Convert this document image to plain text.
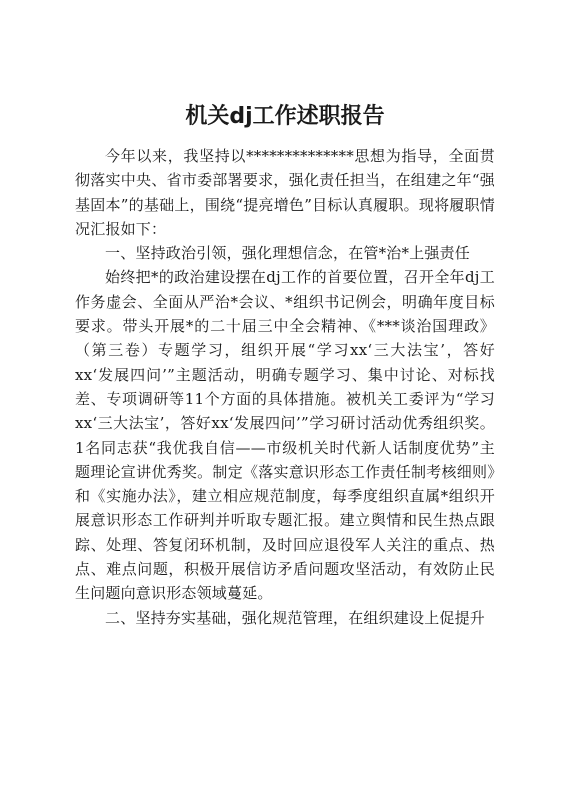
机关dj工作述职报告

今年以来，我坚持以**************思想为指导，全面贯彻落实中央、省市委部署要求，强化责任担当，在组建之年“强基固本”的基础上，围绕“提亮增色”目标认真履职。现将履职情况汇报如下：

一、坚持政治引领，强化理想信念，在管*治*上强责任

始终把*的政治建设摆在dj工作的首要位置，召开全年dj工作务虚会、全面从严治*会议、*组织书记例会，明确年度目标要求。带头开展*的二十届三中全会精神、《***谈治国理政》（第三卷）专题学习，组织开展“学习xx‘三大法宝’，答好xx‘发展四问’”主题活动，明确专题学习、集中讨论、对标找差、专项调研等11个方面的具体措施。被机关工委评为“学习xx‘三大法宝’，答好xx‘发展四问’”学习研讨活动优秀组织奖。1名同志获“我优我自信——市级机关时代新人话制度优势”主题理论宣讲优秀奖。制定《落实意识形态工作责任制考核细则》和《实施办法》，建立相应规范制度，每季度组织直属*组织开展意识形态工作研判并听取专题汇报。建立舆情和民生热点跟踪、处理、答复闭环机制，及时回应退役军人关注的重点、热点、难点问题，积极开展信访矛盾问题攻坚活动，有效防止民生问题向意识形态领域蔓延。

二、坚持夯实基础，强化规范管理，在组织建设上促提升
